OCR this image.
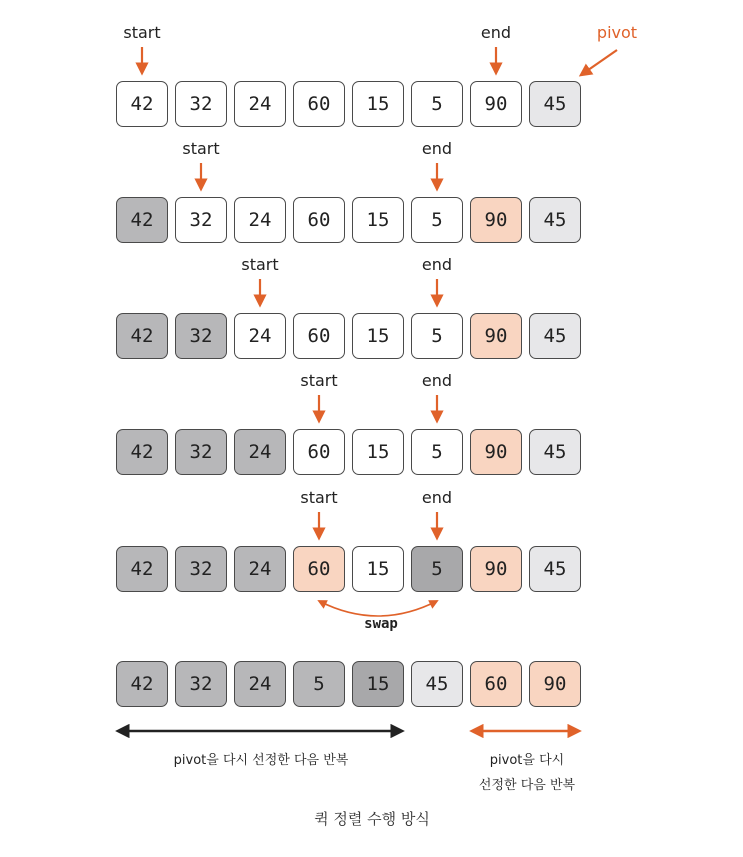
pivot을 다시 선정한 다음 반복	pivot을 다시
선정한 다음 반복
퀵 정렬 수행 방식
42	32	24	60	15	5	90	45
start	end	pivot
42	32	24	60	15	5	90	45
start	end
42	32	24	60	15	5	90	45
start	end
42	32	24	60	15	5	90	45
start	end
42	32	24	60	15	5	90	45
start	end
swap
42	32	24	5	15	45	60	90
